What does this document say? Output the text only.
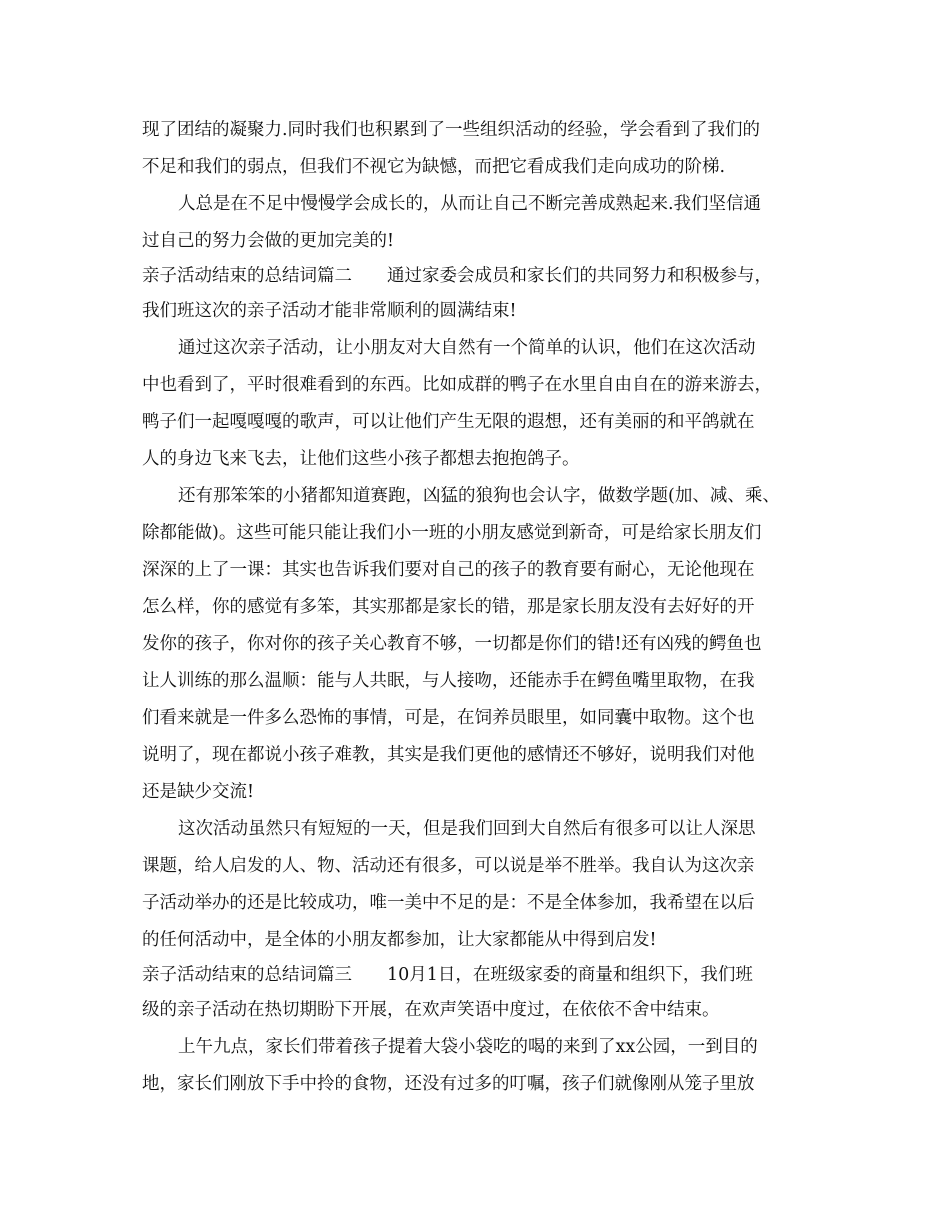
现了团结的凝聚力.同时我们也积累到了一些组织活动的经验，学会看到了我们的
不足和我们的弱点，但我们不视它为缺憾，而把它看成我们走向成功的阶梯.
人总是在不足中慢慢学会成长的，从而让自己不断完善成熟起来.我们坚信通
过自己的努力会做的更加完美的!
亲子活动结束的总结词篇二　　通过家委会成员和家长们的共同努力和积极参与，
我们班这次的亲子活动才能非常顺利的圆满结束!
通过这次亲子活动，让小朋友对大自然有一个简单的认识，他们在这次活动
中也看到了，平时很难看到的东西。比如成群的鸭子在水里自由自在的游来游去，
鸭子们一起嘎嘎嘎的歌声，可以让他们产生无限的遐想，还有美丽的和平鸽就在
人的身边飞来飞去，让他们这些小孩子都想去抱抱鸽子。
还有那笨笨的小猪都知道赛跑，凶猛的狼狗也会认字，做数学题(加、减、乘、
除都能做)。这些可能只能让我们小一班的小朋友感觉到新奇，可是给家长朋友们
深深的上了一课：其实也告诉我们要对自己的孩子的教育要有耐心，无论他现在
怎么样，你的感觉有多笨，其实那都是家长的错，那是家长朋友没有去好好的开
发你的孩子，你对你的孩子关心教育不够，一切都是你们的错!还有凶残的鳄鱼也
让人训练的那么温顺：能与人共眠，与人接吻，还能赤手在鳄鱼嘴里取物，在我
们看来就是一件多么恐怖的事情，可是，在饲养员眼里，如同囊中取物。这个也
说明了，现在都说小孩子难教，其实是我们更他的感情还不够好，说明我们对他
还是缺少交流!
这次活动虽然只有短短的一天，但是我们回到大自然后有很多可以让人深思
课题，给人启发的人、物、活动还有很多，可以说是举不胜举。我自认为这次亲
子活动举办的还是比较成功，唯一美中不足的是：不是全体参加，我希望在以后
的任何活动中，是全体的小朋友都参加，让大家都能从中得到启发!
亲子活动结束的总结词篇三　　10月1日，在班级家委的商量和组织下，我们班
级的亲子活动在热切期盼下开展，在欢声笑语中度过，在依依不舍中结束。
上午九点，家长们带着孩子提着大袋小袋吃的喝的来到了xx公园，一到目的
地，家长们刚放下手中拎的食物，还没有过多的叮嘱，孩子们就像刚从笼子里放
